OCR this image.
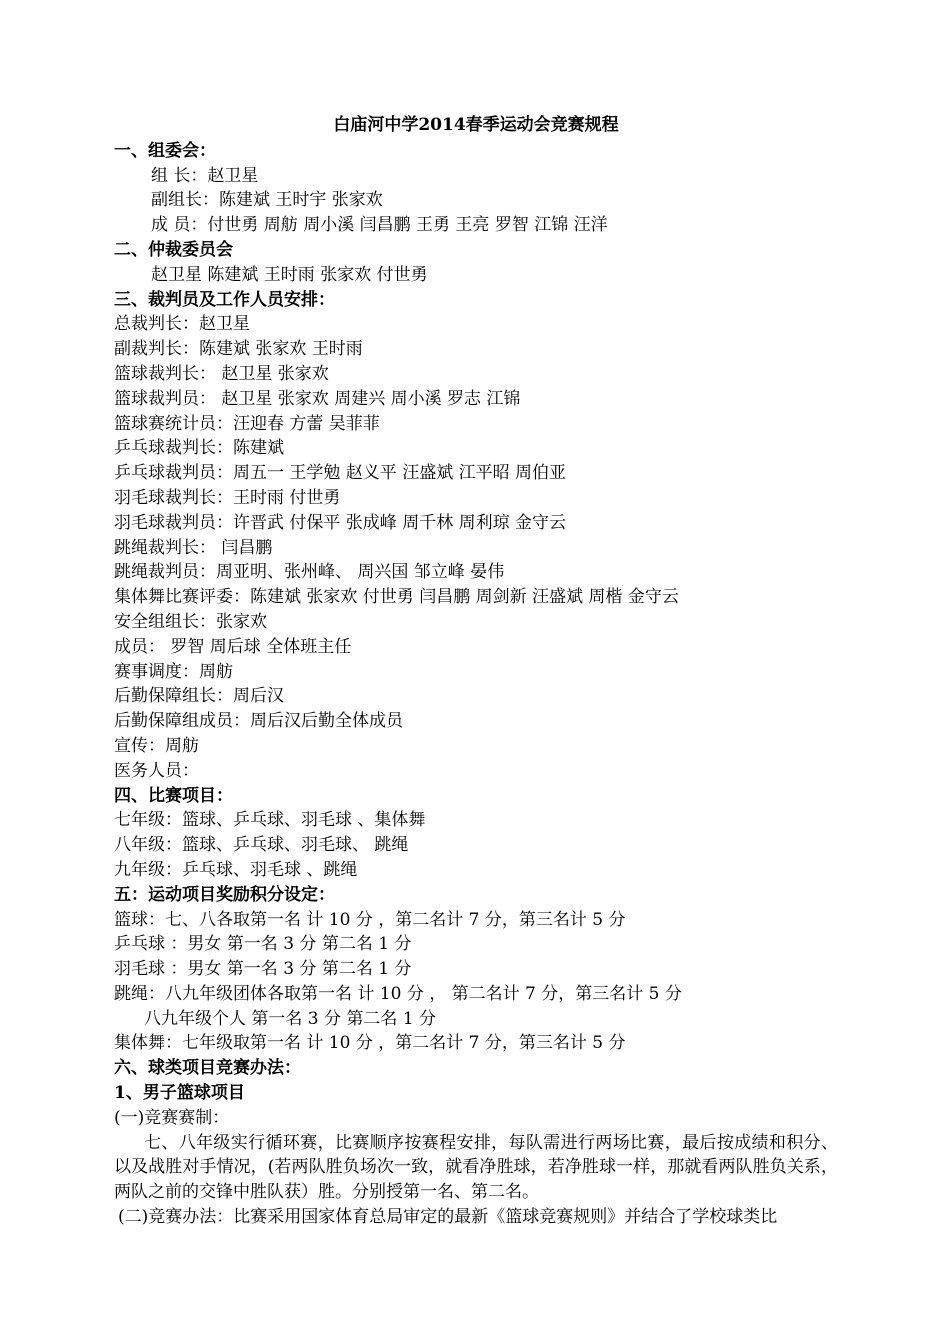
白庙河中学2014春季运动会竞赛规程
一、组委会：
组 长：赵卫星
副组长：陈建斌 王时宇 张家欢
成 员：付世勇 周舫 周小溪 闫昌鹏 王勇 王亮 罗智 江锦 汪洋
二、仲裁委员会
赵卫星 陈建斌 王时雨 张家欢 付世勇
三、裁判员及工作人员安排：
总裁判长：赵卫星
副裁判长：陈建斌 张家欢 王时雨
篮球裁判长： 赵卫星 张家欢
篮球裁判员： 赵卫星 张家欢 周建兴 周小溪 罗志 江锦
篮球赛统计员：汪迎春 方蕾 吴菲菲
乒乓球裁判长：陈建斌
乒乓球裁判员：周五一 王学勉 赵义平 汪盛斌 江平昭 周伯亚
羽毛球裁判长：王时雨 付世勇
羽毛球裁判员：许晋武 付保平 张成峰 周千林 周利琼 金守云
跳绳裁判长： 闫昌鹏
跳绳裁判员：周亚明、张州峰、 周兴国 邹立峰 晏伟
集体舞比赛评委：陈建斌 张家欢 付世勇 闫昌鹏 周剑新 汪盛斌 周楷 金守云
安全组组长：张家欢
成员： 罗智 周后球 全体班主任
赛事调度：周舫
后勤保障组长：周后汉
后勤保障组成员：周后汉后勤全体成员
宣传：周舫
医务人员：
四、比赛项目：
七年级：篮球、乒乓球、羽毛球 、集体舞
八年级：篮球、乒乓球、羽毛球、 跳绳
九年级：乒乓球、羽毛球 、跳绳
五：运动项目奖励积分设定：
篮球：七、八各取第一名 计 10 分 ，第二名计 7 分，第三名计 5 分
乒乓球 ：男女 第一名 3 分 第二名 1 分
羽毛球 ：男女 第一名 3 分 第二名 1 分
跳绳：八九年级团体各取第一名 计 10 分 ， 第二名计 7 分，第三名计 5 分
八九年级个人 第一名 3 分 第二名 1 分
集体舞：七年级取第一名 计 10 分 ，第二名计 7 分，第三名计 5 分
六、球类项目竞赛办法：
1、男子篮球项目
(一)竞赛赛制：
七、八年级实行循环赛，比赛顺序按赛程安排，每队需进行两场比赛，最后按成绩和积分、以及战胜对手情况，(若两队胜负场次一致，就看净胜球，若净胜球一样，那就看两队胜负关系，两队之前的交锋中胜队获）胜。分别授第一名、第二名。
(二)竞赛办法：比赛采用国家体育总局审定的最新《篮球竞赛规则》并结合了学校球类比
